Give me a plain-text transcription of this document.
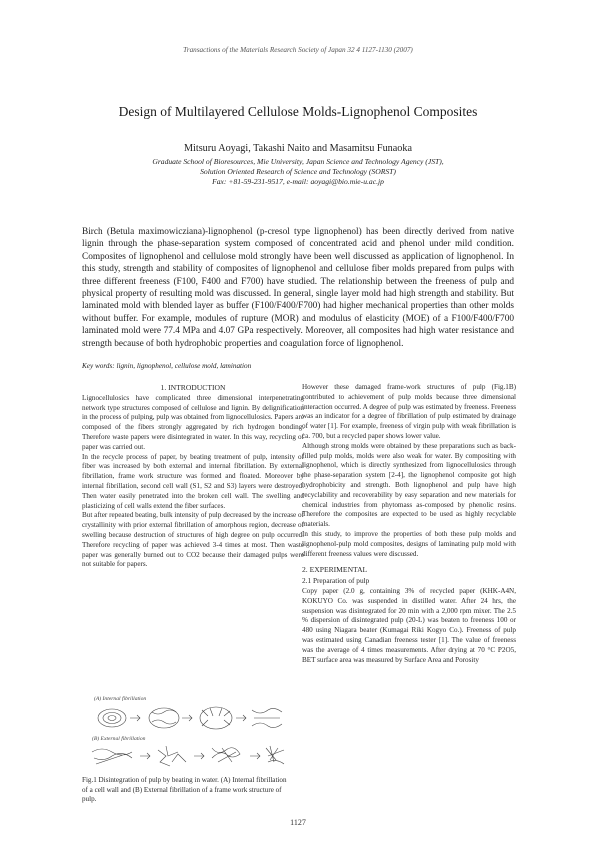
Transactions of the Materials Research Society of Japan 32 4 1127-1130 (2007)
Design of Multilayered Cellulose Molds-Lignophenol Composites
Mitsuru Aoyagi, Takashi Naito and Masamitsu Funaoka
Graduate School of Bioresources, Mie University, Japan Science and Technology Agency (JST),
Solution Oriented Research of Science and Technology (SORST)
Fax: +81-59-231-9517, e-mail: aoyagi@bio.mie-u.ac.jp
Birch (Betula maximowicziana)-lignophenol (p-cresol type lignophenol) has been directly derived from native lignin through the phase-separation system composed of concentrated acid and phenol under mild condition. Composites of lignophenol and cellulose mold strongly have been well discussed as application of lignophenol. In this study, strength and stability of composites of lignophenol and cellulose fiber molds prepared from pulps with three different freeness (F100, F400 and F700) have studied. The relationship between the freeness of pulp and physical property of resulting mold was discussed. In general, single layer mold had high strength and stability. But laminated mold with blended layer as buffer (F100/F400/F700) had higher mechanical properties than other molds without buffer. For example, modules of rupture (MOR) and modulus of elasticity (MOE) of a F100/F400/F700 laminated mold were 77.4 MPa and 4.07 GPa respectively. Moreover, all composites had high water resistance and strength because of both hydrophobic properties and coagulation force of lignophenol.
Key words: lignin, lignophenol, cellulose mold, lamination
1. INTRODUCTION

Lignocellulosics have complicated three dimensional interpenetrating network type structures composed of cellulose and lignin. By delignification in the process of pulping, pulp was obtained from lignocellulosics. Papers are composed of the fibers strongly aggregated by rich hydrogen bonding. Therefore waste papers were disintegrated in water. In this way, recycling of paper was carried out.

In the recycle process of paper, by beating treatment of pulp, intensity of fiber was increased by both external and internal fibrillation. By external fibrillation, frame work structure was formed and floated. Moreover by internal fibrillation, second cell wall (S1, S2 and S3) layers were destroyed. Then water easily penetrated into the broken cell wall. The swelling and plasticizing of cell walls extend the fiber surfaces.

But after repeated beating, bulk intensity of pulp decreased by the increase of crystallinity with prior external fibrillation of amorphous region, decrease of swelling because destruction of structures of high degree on pulp occurred. Therefore recycling of paper was achieved 3-4 times at most. Then waste paper was generally burned out to CO2 because their damaged pulps were not suitable for papers.

(A) Internal fibrillation
(B) External fibrillation
Fig.1 Disintegration of pulp by beating in water. (A) Internal fibrillation of a cell wall and (B) External fibrillation of a frame work structure of pulp.

However these damaged frame-work structures of pulp (Fig.1B) contributed to achievement of pulp molds because three dimensional interaction occurred. A degree of pulp was estimated by freeness. Freeness was an indicator for a degree of fibrillation of pulp estimated by drainage of water [1]. For example, freeness of virgin pulp with weak fibrillation is ca. 700, but a recycled paper shows lower value.

Although strong molds were obtained by these preparations such as back-filled pulp molds, molds were also weak for water. By compositing with lignophenol, which is directly synthesized from lignocellulosics through the phase-separation system [2-4], the lignophenol composite got high hydrophobicity and strength. Both lignophenol and pulp have high recyclability and recoverability by easy separation and new materials for chemical industries from phytomass as-composed by phenolic resins. Therefore the composites are expected to be used as highly recyclable materials.

In this study, to improve the properties of both these pulp molds and lignophenol-pulp mold composites, designs of laminating pulp mold with different freeness values were discussed.

2. EXPERIMENTAL
2.1 Preparation of pulp

Copy paper (2.0 g, containing 3% of recycled paper (KHK-A4N, KOKUYO Co. was suspended in distilled water. After 24 hrs, the suspension was disintegrated for 20 min with a 2,000 rpm mixer. The 2.5 % dispersion of disintegrated pulp (20-L) was beaten to freeness 100 or 480 using Niagara beater (Kumagai Riki Kogyo Co.). Freeness of pulp was estimated using Canadian freeness tester [1]. The value of freeness was the average of 4 times measurements. After drying at 70 °C P2O5, BET surface area was measured by Surface Area and Porosity

1127
